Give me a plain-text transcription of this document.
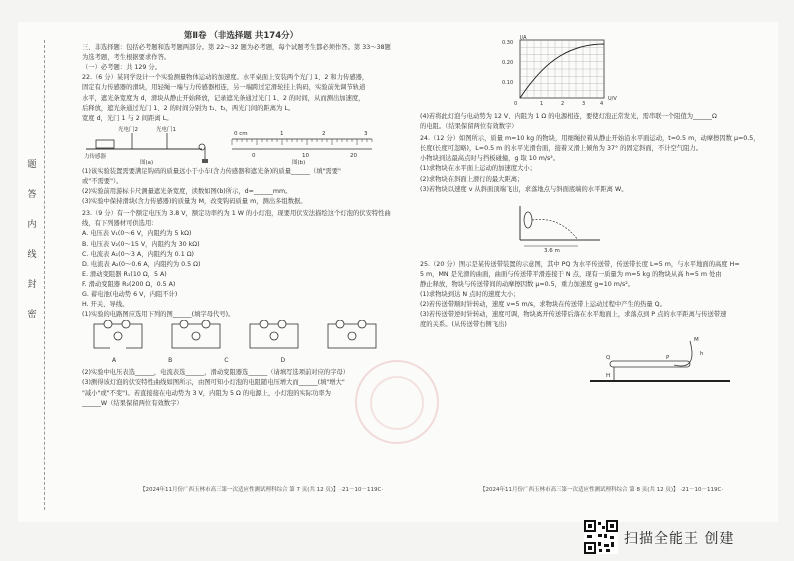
题
答
内
线
封
密
第Ⅱ卷 （非选择题 共174分）

三、非选择题：包括必考题和选考题两部分。第 22～32 题为必考题，每个试题考生都必须作答。第 33～38题

为选考题，考生根据要求作答。

（一）必考题：共 129 分。

22.（6 分）某同学设计一个实验测量物体运动的加速度。水平桌面上安装两个光门 1、2 和力传感器，

固定有力传感器的滑块，用轻绳一端与力传感器相连，另一端跨过定滑轮挂上钩码，实验前先调节轨道

水平，遮光条宽度为 d，滑块从静止开始释放，记录遮光条通过光门 1、2 的时间，从而测出加速度，

后释放，遮光条通过光门 1、2 的时间分别为 t₁、t₂，两光门间的距离为 L。

宽度 d，光门 1 与 2 间距离 L。

光电门2	光电门1
力传感器
0 cm	1	2	3
0	10	20
图(a)	图(b)

(1)该实验装置需要满足钩码的质量远小于小车(含力传感器和遮光条)的质量______（填"需要"

或"不需要"）。

(2)实验前用游标卡尺测量遮光条宽度，读数如图(b)所示，d=______mm。

(3)实验中保持滑块(含力传感器)的质量为 M，改变钩码质量 m，测出多组数据。

23.（9 分）有一个额定电压为 3.8 V，额定功率约为 1 W 的小灯泡，现要用伏安法描绘这个灯泡的伏安特性曲

线，有下列器材可供选用：

A. 电压表 V₁(0～6 V，内阻约为 5 kΩ)

B. 电压表 V₂(0～15 V，内阻约为 30 kΩ)

C. 电流表 A₁(0～3 A，内阻约为 0.1 Ω)

D. 电流表 A₂(0～0.6 A，内阻约为 0.5 Ω)

E. 滑动变阻器 R₁(10 Ω，5 A)

F. 滑动变阻器 R₂(200 Ω，0.5 A)

G. 蓄电池(电动势 6 V，内阻不计)

H. 开关、导线。

(1)实验的电路图应选用下列的图______(填字母代号)。

A	B	C	D

(2)实验中电压表选______，电流表选______，滑动变阻器选______（请填写选项前对应的字母）

(3)测得该灯泡的伏安特性曲线如图所示，由图可知小灯泡的电阻随电压增大而______(填"增大"

"减小"或"不变")。若直接接在电动势为 3 V，内阻为 5 Ω 的电源上，小灯泡的实际功率为

______W（结果保留两位有效数字）

I/A
0.30
0.20
0.10
0	1	2	3	4
U/V

(4)若将此灯泡与电动势为 12 V、内阻为 1 Ω 的电源相连，要使灯泡正常发光，需串联一个阻值为______Ω

的电阻。（结果保留两位有效数字）

24.（12 分）如图所示，质量 m=10 kg 的物块，用细绳拉着从静止开始沿水平面运动，t=0.5 m，动摩擦因数 μ=0.5，

长度(长度可忽略)，L=0.5 m 的水平光滑台面，接着又滑上倾角为 37° 的固定斜面，不计空气阻力。

小物块到达最高点时与挡板碰撞，g 取 10 m/s²。

(1)求物块在水平面上运动的加速度大小；

(2)求物块在斜面上滑行的最大距离；

(3)若物块以速度 v 从斜面顶端飞出，求落地点与斜面底端的水平距离 W。

3.6 m

25.（20 分）图示是某传送带装置的示意图，其中 PQ 为水平传送带，传送带长度 L=5 m，与水平地面的高度 H=

5 m，MN 是光滑的曲面，曲面与传送带平滑连接于 N 点，现有一质量为 m=5 kg 的物块从高 h=5 m 处由

静止释放，物块与传送带间的动摩擦因数 μ=0.5，重力加速度 g=10 m/s²。

(1)求物块到达 N 点时的速度大小；

(2)若传送带顺时针转动，速度 v=5 m/s，求物块在传送带上运动过程中产生的热量 Q。

(3)若传送带逆时针转动，速度可调，物块离开传送带后落在水平地面上，求落点到 P 点的水平距离与传送带速

度的关系。(从传送带右侧飞出)

M
h
Q	P
H
【2024年11月份广西玉林市高三第一次适应性测试理科综合 第 7 页(共 12 页)】 ·21－10－119C·	【2024年11月份广西玉林市高三第一次适应性测试理科综合 第 8 页(共 12 页)】 ·21－10－119C·
扫描全能王 创建
